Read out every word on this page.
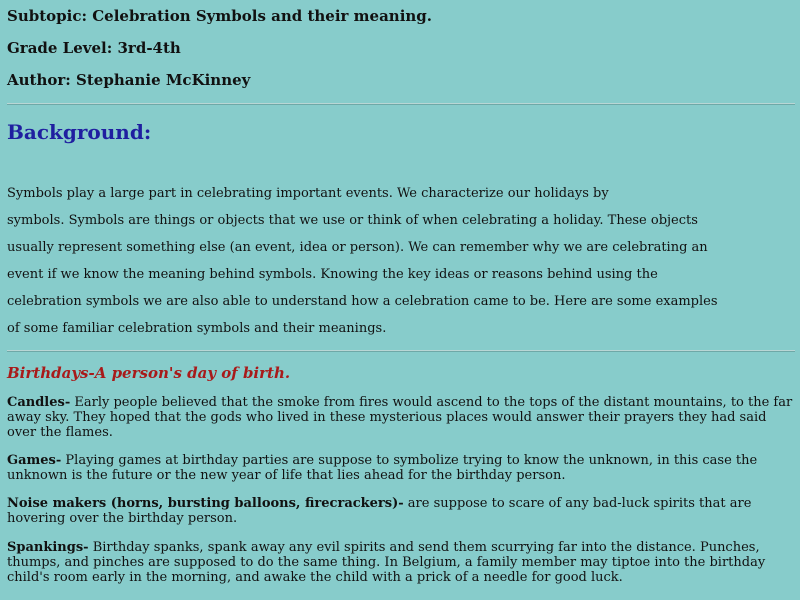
Subtopic: Celebration Symbols and their meaning.

Grade Level: 3rd-4th

Author: Stephanie McKinney

Background:

Symbols play a large part in celebrating important events. We characterize our holidays by

symbols. Symbols are things or objects that we use or think of when celebrating a holiday. These objects

usually represent something else (an event, idea or person). We can remember why we are celebrating an

event if we know the meaning behind symbols. Knowing the key ideas or reasons behind using the

celebration symbols we are also able to understand how a celebration came to be. Here are some examples

of some familiar celebration symbols and their meanings.

Birthdays-A person's day of birth.

Candles- Early people believed that the smoke from fires would ascend to the tops of the distant mountains, to the far away sky. They hoped that the gods who lived in these mysterious places would answer their prayers they had said over the flames.

Games- Playing games at birthday parties are suppose to symbolize trying to know the unknown, in this case the unknown is the future or the new year of life that lies ahead for the birthday person.

Noise makers (horns, bursting balloons, firecrackers)- are suppose to scare of any bad-luck spirits that are hovering over the birthday person.

Spankings- Birthday spanks, spank away any evil spirits and send them scurrying far into the distance. Punches, thumps, and pinches are supposed to do the same thing. In Belgium, a family member may tiptoe into the birthday child's room early in the morning, and awake the child with a prick of a needle for good luck.
